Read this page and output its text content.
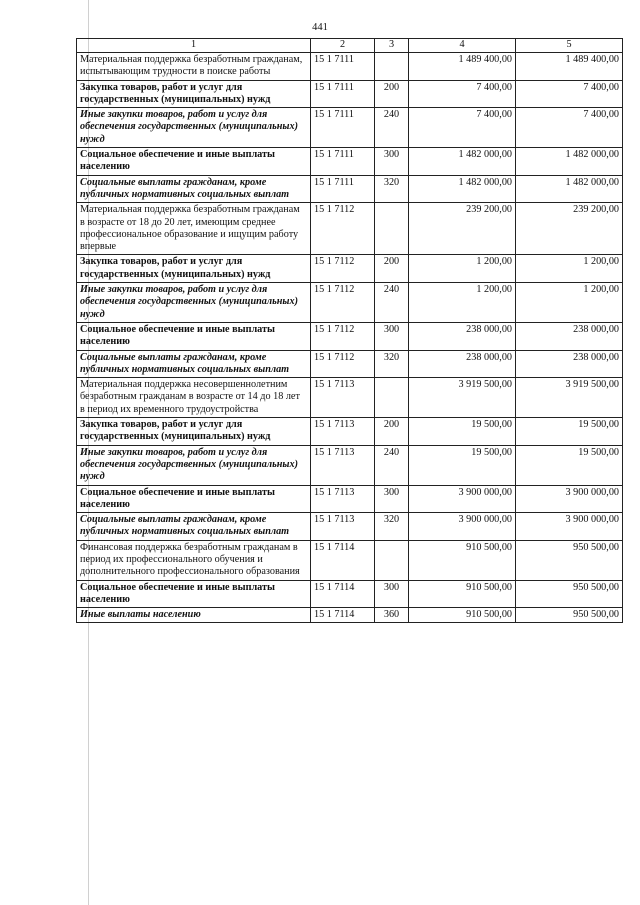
441
1	2	3	4	5
Материальная поддержка безработным гражданам, испытывающим трудности в поиске работы	15 1 7111		1 489 400,00	1 489 400,00
Закупка товаров, работ и услуг для государственных (муниципальных) нужд	15 1 7111	200	7 400,00	7 400,00
Иные закупки товаров, работ и услуг для обеспечения государственных (муниципальных) нужд	15 1 7111	240	7 400,00	7 400,00
Социальное обеспечение и иные выплаты населению	15 1 7111	300	1 482 000,00	1 482 000,00
Социальные выплаты гражданам, кроме публичных нормативных социальных выплат	15 1 7111	320	1 482 000,00	1 482 000,00
Материальная поддержка безработным гражданам в возрасте от 18 до 20 лет, имеющим среднее профессиональное образование и ищущим работу впервые	15 1 7112		239 200,00	239 200,00
Закупка товаров, работ и услуг для государственных (муниципальных) нужд	15 1 7112	200	1 200,00	1 200,00
Иные закупки товаров, работ и услуг для обеспечения государственных (муниципальных) нужд	15 1 7112	240	1 200,00	1 200,00
Социальное обеспечение и иные выплаты населению	15 1 7112	300	238 000,00	238 000,00
Социальные выплаты гражданам, кроме публичных нормативных социальных выплат	15 1 7112	320	238 000,00	238 000,00
Материальная поддержка несовершеннолетним безработным гражданам в возрасте от 14 до 18 лет в период их временного трудоустройства	15 1 7113		3 919 500,00	3 919 500,00
Закупка товаров, работ и услуг для государственных (муниципальных) нужд	15 1 7113	200	19 500,00	19 500,00
Иные закупки товаров, работ и услуг для обеспечения государственных (муниципальных) нужд	15 1 7113	240	19 500,00	19 500,00
Социальное обеспечение и иные выплаты населению	15 1 7113	300	3 900 000,00	3 900 000,00
Социальные выплаты гражданам, кроме публичных нормативных социальных выплат	15 1 7113	320	3 900 000,00	3 900 000,00
Финансовая поддержка безработным гражданам в период их профессионального обучения и дополнительного профессионального образования	15 1 7114		910 500,00	950 500,00
Социальное обеспечение и иные выплаты населению	15 1 7114	300	910 500,00	950 500,00
Иные выплаты населению	15 1 7114	360	910 500,00	950 500,00
